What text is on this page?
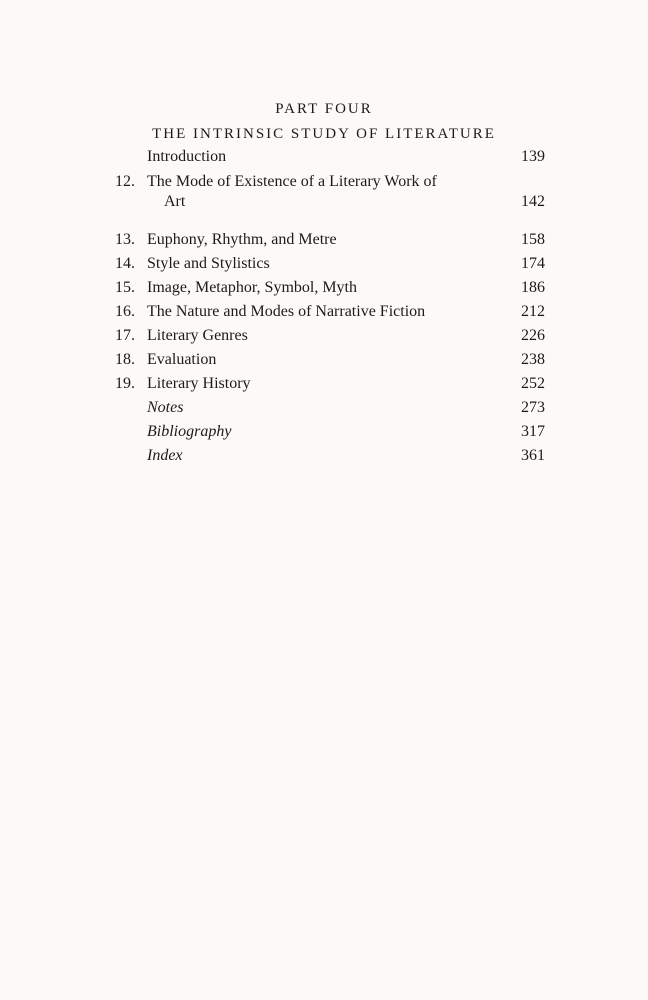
PART FOUR
THE INTRINSIC STUDY OF LITERATURE
Introduction	139
12. The Mode of Existence of a Literary Work of
Art	142
13. Euphony, Rhythm, and Metre	158
14. Style and Stylistics	174
15. Image, Metaphor, Symbol, Myth	186
16. The Nature and Modes of Narrative Fiction	212
17. Literary Genres	226
18. Evaluation	238
19. Literary History	252
Notes	273
Bibliography	317
Index	361
